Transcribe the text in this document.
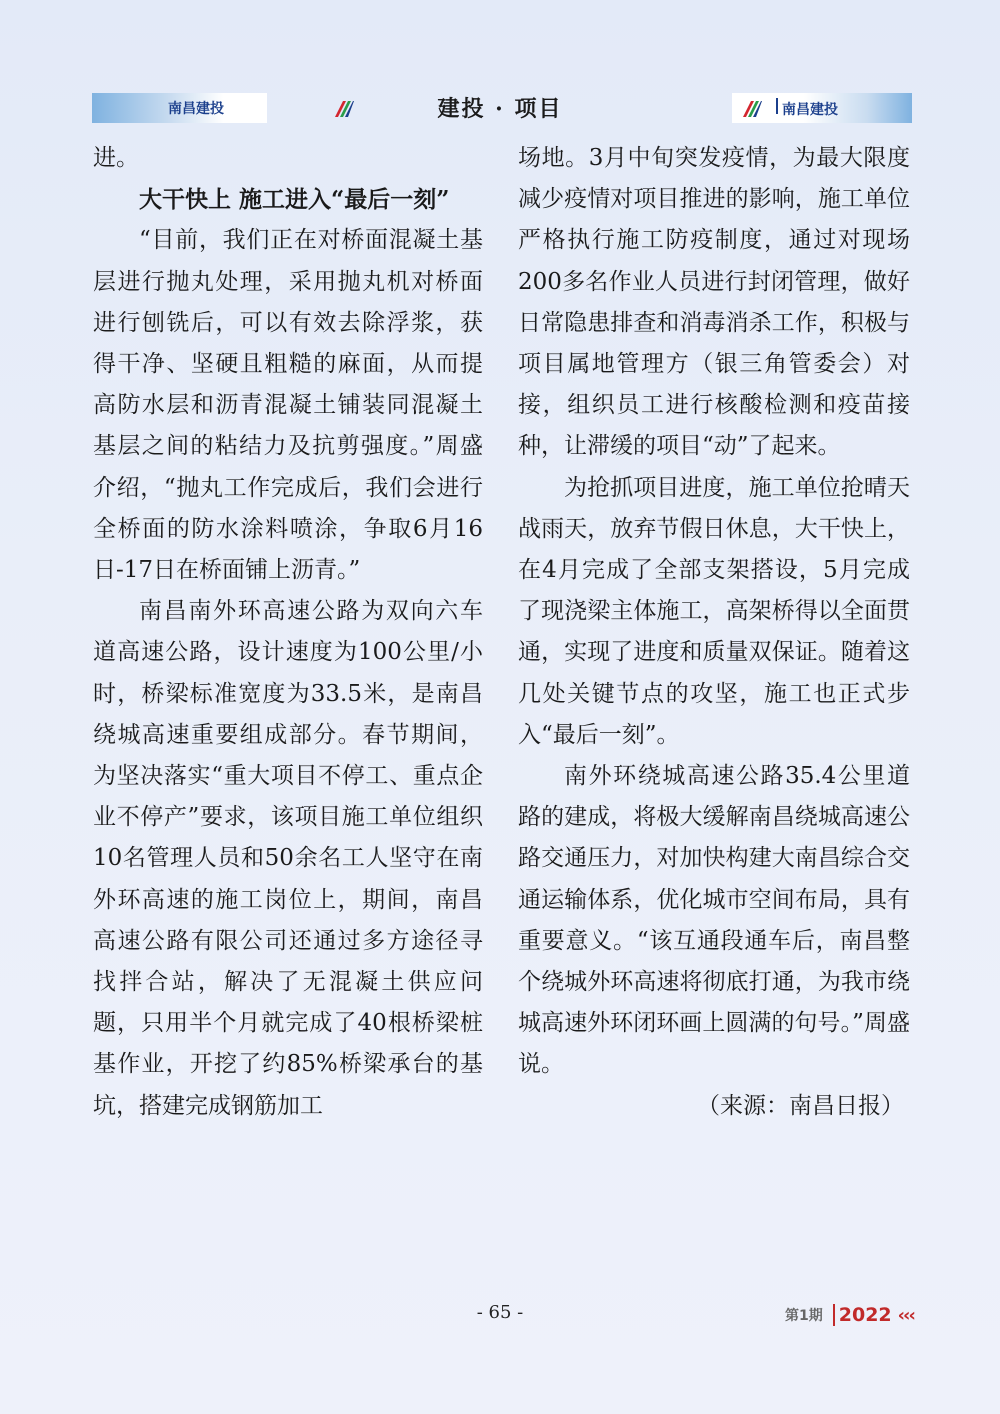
南昌建投	建投 · 项目	南昌建投

进。

大干快上 施工进入“最后一刻”

“目前，我们正在对桥面混凝土基层进行抛丸处理，采用抛丸机对桥面进行刨铣后，可以有效去除浮浆，获得干净、坚硬且粗糙的麻面，从而提高防水层和沥青混凝土铺装同混凝土基层之间的粘结力及抗剪强度。”周盛介绍，“抛丸工作完成后，我们会进行全桥面的防水涂料喷涂，争取6月16日-17日在桥面铺上沥青。”

南昌南外环高速公路为双向六车道高速公路，设计速度为100公里/小时，桥梁标准宽度为33.5米，是南昌绕城高速重要组成部分。春节期间，为坚决落实“重大项目不停工、重点企业不停产”要求，该项目施工单位组织10名管理人员和50余名工人坚守在南外环高速的施工岗位上，期间，南昌高速公路有限公司还通过多方途径寻找拌合站，解决了无混凝土供应问题，只用半个月就完成了40根桥梁桩基作业，开挖了约85%桥梁承台的基坑，搭建完成钢筋加工

场地。3月中旬突发疫情，为最大限度减少疫情对项目推进的影响，施工单位严格执行施工防疫制度，通过对现场200多名作业人员进行封闭管理，做好日常隐患排查和消毒消杀工作，积极与项目属地管理方（银三角管委会）对接，组织员工进行核酸检测和疫苗接种，让滞缓的项目“动”了起来。

为抢抓项目进度，施工单位抢晴天战雨天，放弃节假日休息，大干快上，在4月完成了全部支架搭设，5月完成了现浇梁主体施工，高架桥得以全面贯通，实现了进度和质量双保证。随着这几处关键节点的攻坚，施工也正式步入“最后一刻”。

南外环绕城高速公路35.4公里道路的建成，将极大缓解南昌绕城高速公路交通压力，对加快构建大南昌综合交通运输体系，优化城市空间布局，具有重要意义。“该互通段通车后，南昌整个绕城外环高速将彻底打通，为我市绕城高速外环闭环画上圆满的句号。”周盛说。

（来源：南昌日报）

- 65 -	第1期 2022 ‹‹‹
